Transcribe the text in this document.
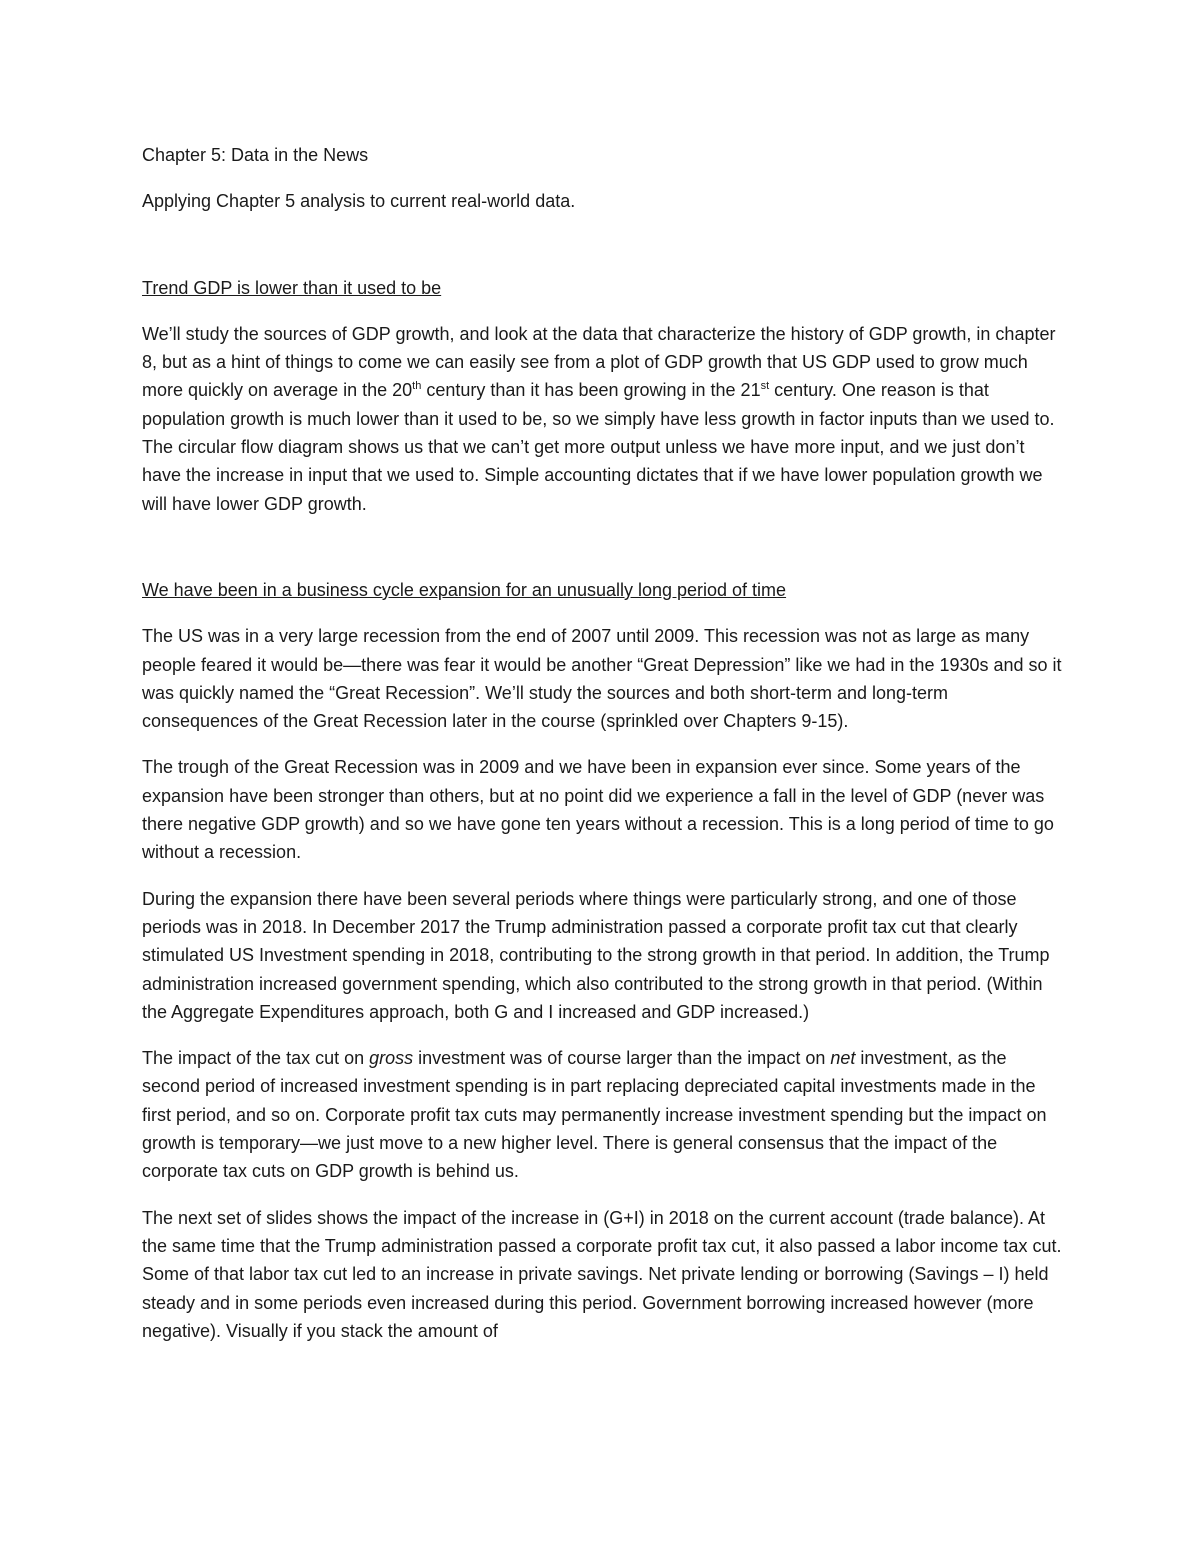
Chapter 5: Data in the News

Applying Chapter 5 analysis to current real-world data.

Trend GDP is lower than it used to be

We’ll study the sources of GDP growth, and look at the data that characterize the history of GDP growth, in chapter 8, but as a hint of things to come we can easily see from a plot of GDP growth that US GDP used to grow much more quickly on average in the 20th century than it has been growing in the 21st century. One reason is that population growth is much lower than it used to be, so we simply have less growth in factor inputs than we used to. The circular flow diagram shows us that we can’t get more output unless we have more input, and we just don’t have the increase in input that we used to. Simple accounting dictates that if we have lower population growth we will have lower GDP growth.

We have been in a business cycle expansion for an unusually long period of time

The US was in a very large recession from the end of 2007 until 2009. This recession was not as large as many people feared it would be—there was fear it would be another “Great Depression” like we had in the 1930s and so it was quickly named the “Great Recession”. We’ll study the sources and both short-term and long-term consequences of the Great Recession later in the course (sprinkled over Chapters 9-15).

The trough of the Great Recession was in 2009 and we have been in expansion ever since. Some years of the expansion have been stronger than others, but at no point did we experience a fall in the level of GDP (never was there negative GDP growth) and so we have gone ten years without a recession. This is a long period of time to go without a recession.

During the expansion there have been several periods where things were particularly strong, and one of those periods was in 2018. In December 2017 the Trump administration passed a corporate profit tax cut that clearly stimulated US Investment spending in 2018, contributing to the strong growth in that period. In addition, the Trump administration increased government spending, which also contributed to the strong growth in that period. (Within the Aggregate Expenditures approach, both G and I increased and GDP increased.)

The impact of the tax cut on gross investment was of course larger than the impact on net investment, as the second period of increased investment spending is in part replacing depreciated capital investments made in the first period, and so on. Corporate profit tax cuts may permanently increase investment spending but the impact on growth is temporary—we just move to a new higher level. There is general consensus that the impact of the corporate tax cuts on GDP growth is behind us.

The next set of slides shows the impact of the increase in (G+I) in 2018 on the current account (trade balance). At the same time that the Trump administration passed a corporate profit tax cut, it also passed a labor income tax cut. Some of that labor tax cut led to an increase in private savings. Net private lending or borrowing (Savings – I) held steady and in some periods even increased during this period. Government borrowing increased however (more negative). Visually if you stack the amount of
